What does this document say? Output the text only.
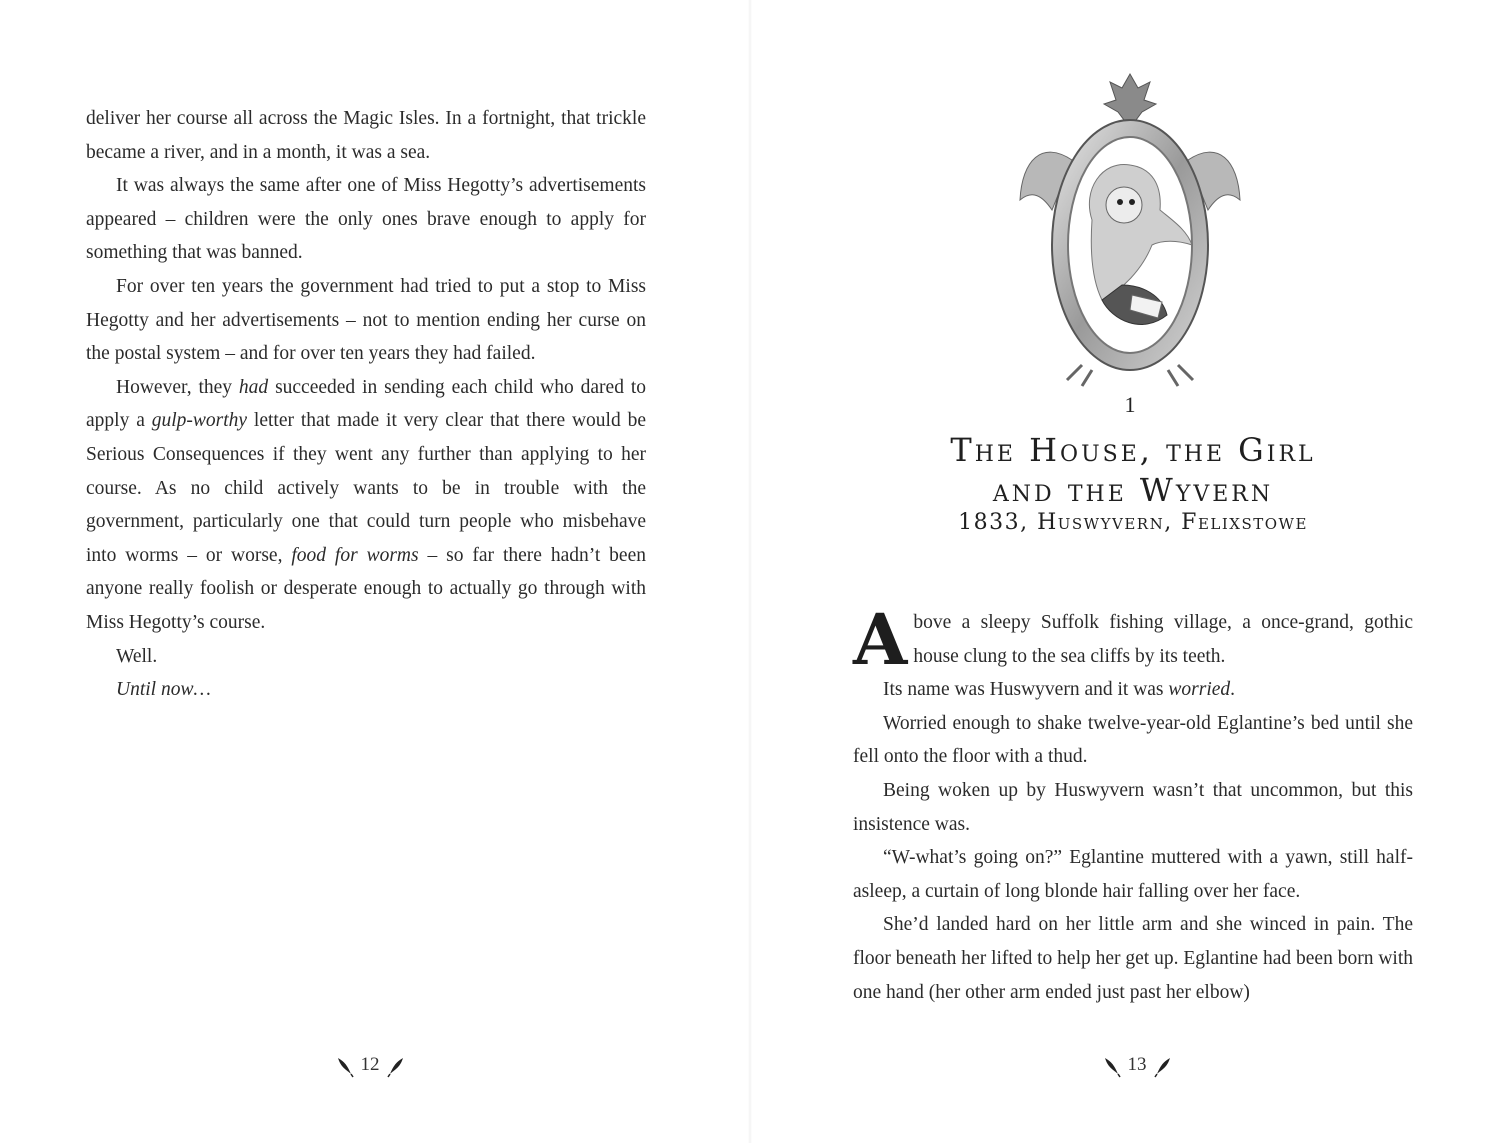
deliver her course all across the Magic Isles. In a fortnight, that trickle became a river, and in a month, it was a sea.

It was always the same after one of Miss Hegotty’s advertisements appeared – children were the only ones brave enough to apply for something that was banned.

For over ten years the government had tried to put a stop to Miss Hegotty and her advertisements – not to mention ending her curse on the postal system – and for over ten years they had failed.

However, they had succeeded in sending each child who dared to apply a gulp-worthy letter that made it very clear that there would be Serious Consequences if they went any further than applying to her course. As no child actively wants to be in trouble with the government, particularly one that could turn people who misbehave into worms – or worse, food for worms – so far there hadn’t been anyone really foolish or desperate enough to actually go through with Miss Hegotty’s course.

Well.

Until now…

12
1
The House, the Girl
and the Wyvern
1833, Huswyvern, Felixstowe

Above a sleepy Suffolk fishing village, a once-grand, gothic house clung to the sea cliffs by its teeth.

Its name was Huswyvern and it was worried.

Worried enough to shake twelve-year-old Eglantine’s bed until she fell onto the floor with a thud.

Being woken up by Huswyvern wasn’t that uncommon, but this insistence was.

“W-what’s going on?” Eglantine muttered with a yawn, still half-asleep, a curtain of long blonde hair falling over her face.

She’d landed hard on her little arm and she winced in pain. The floor beneath her lifted to help her get up. Eglantine had been born with one hand (her other arm ended just past her elbow)

13
